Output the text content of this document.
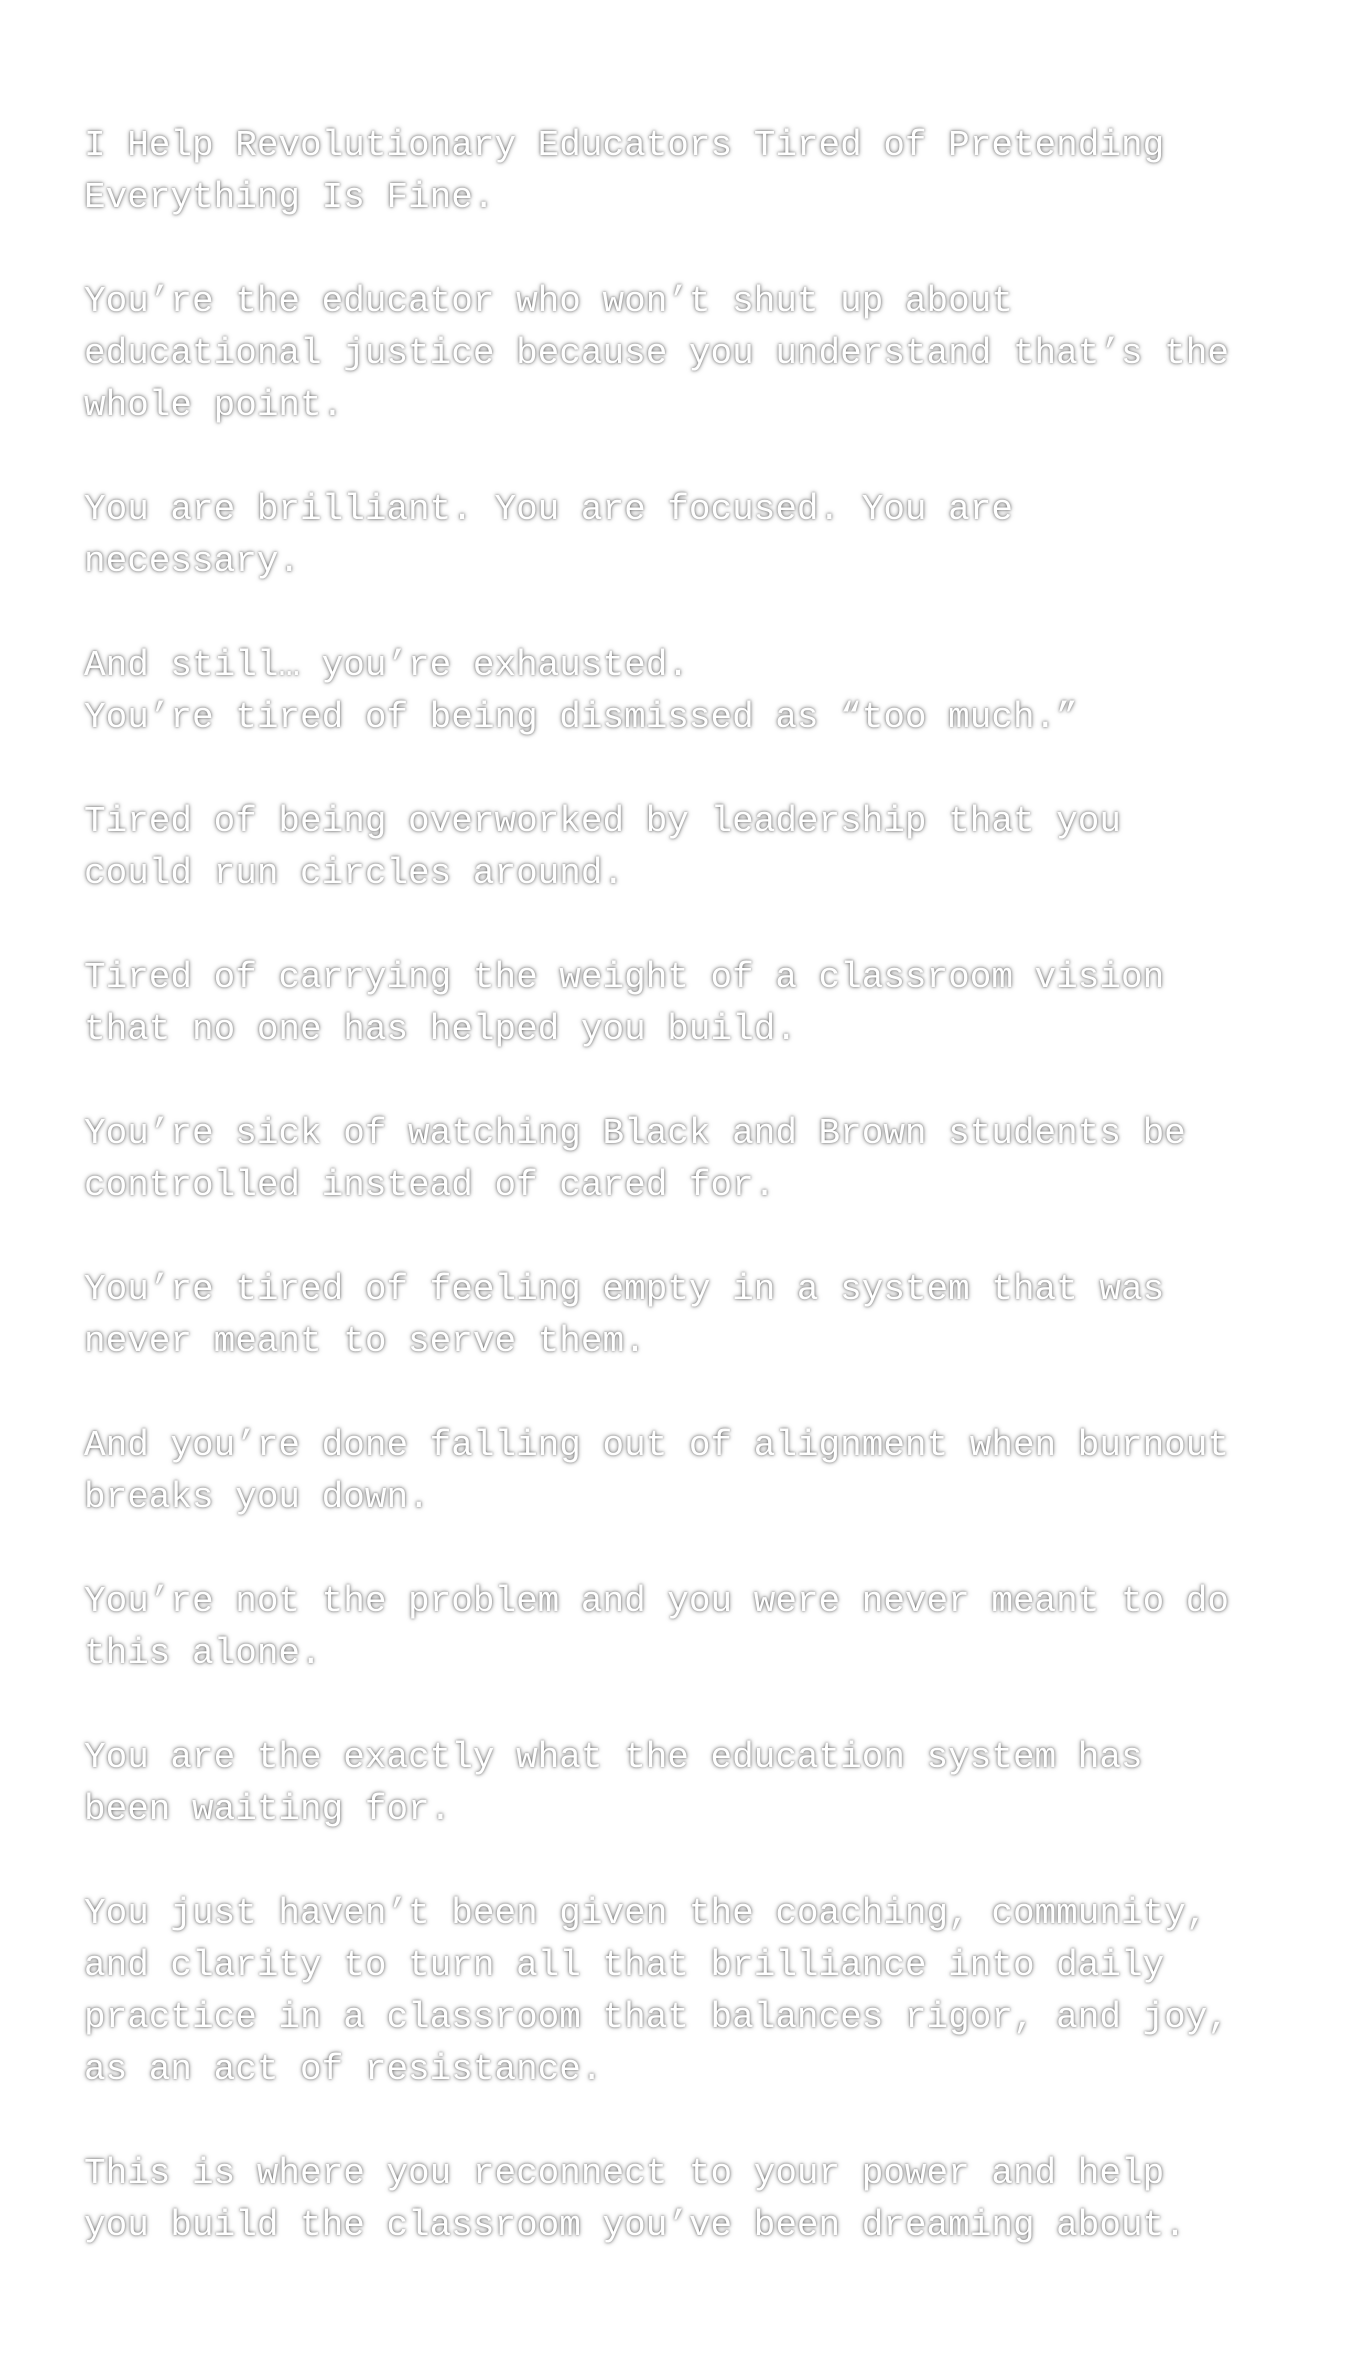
I Help Revolutionary Educators Tired of Pretending
Everything Is Fine.

You’re the educator who won’t shut up about
educational justice because you understand that’s the
whole point.

You are brilliant. You are focused. You are
necessary.

And still… you’re exhausted.
You’re tired of being dismissed as “too much.”

Tired of being overworked by leadership that you
could run circles around.

Tired of carrying the weight of a classroom vision
that no one has helped you build.

You’re sick of watching Black and Brown students be
controlled instead of cared for.

You’re tired of feeling empty in a system that was
never meant to serve them.

And you’re done falling out of alignment when burnout
breaks you down.

You’re not the problem and you were never meant to do
this alone.

You are the exactly what the education system has
been waiting for.

You just haven’t been given the coaching, community,
and clarity to turn all that brilliance into daily
practice in a classroom that balances rigor, and joy,
as an act of resistance.

This is where you reconnect to your power and help
you build the classroom you’ve been dreaming about.
